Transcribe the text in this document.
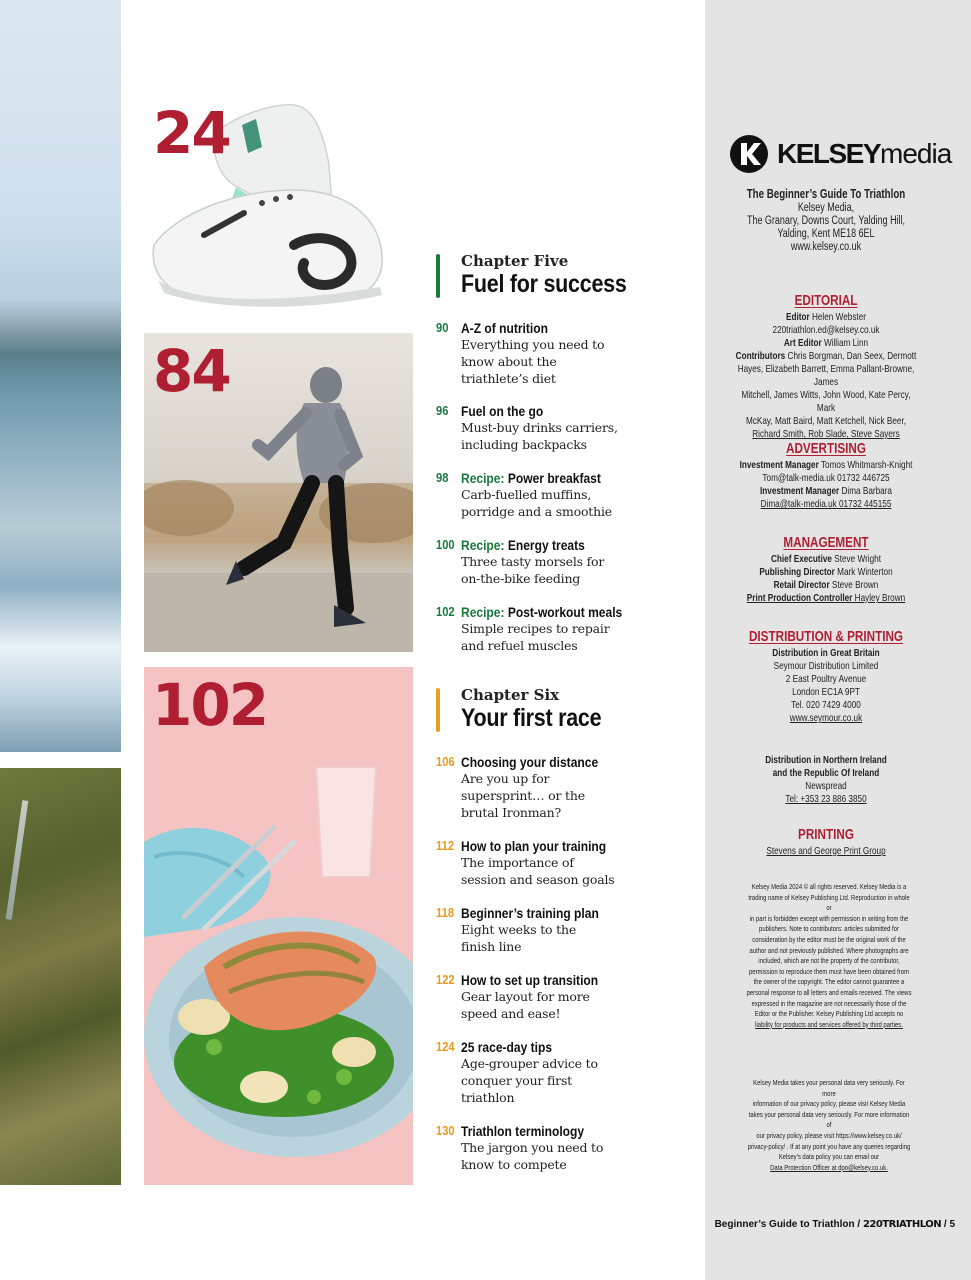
24
84
102
Chapter Five
Fuel for success
90 A-Z of nutrition
Everything you need to
know about the
triathlete’s diet
96 Fuel on the go
Must-buy drinks carriers,
including backpacks
98 Recipe: Power breakfast
Carb-fuelled muffins,
porridge and a smoothie
100 Recipe: Energy treats
Three tasty morsels for
on-the-bike feeding
102 Recipe: Post-workout meals
Simple recipes to repair
and refuel muscles
Chapter Six
Your first race
106 Choosing your distance
Are you up for
supersprint… or the
brutal Ironman?
112 How to plan your training
The importance of
session and season goals
118 Beginner’s training plan
Eight weeks to the
finish line
122 How to set up transition
Gear layout for more
speed and ease!
124 25 race-day tips
Age-grouper advice to
conquer your first
triathlon
130 Triathlon terminology
The jargon you need to
know to compete
KELSEYmedia
The Beginner’s Guide To Triathlon
Kelsey Media,
The Granary, Downs Court, Yalding Hill,
Yalding, Kent ME18 6EL
www.kelsey.co.uk
EDITORIAL
Editor Helen Webster
220triathlon.ed@kelsey.co.uk
Art Editor William Linn
Contributors Chris Borgman, Dan Seex, Dermott
Hayes, Elizabeth Barrett, Emma Pallant-Browne, James
Mitchell, James Witts, John Wood, Kate Percy, Mark
McKay, Matt Baird, Matt Ketchell, Nick Beer,
Richard Smith, Rob Slade, Steve Sayers
ADVERTISING
Investment Manager Tomos Whitmarsh-Knight
Tom@talk-media.uk 01732 446725
Investment Manager Dima Barbara
Dima@talk-media.uk 01732 445155
MANAGEMENT
Chief Executive Steve Wright
Publishing Director Mark Winterton
Retail Director Steve Brown
Print Production Controller Hayley Brown
DISTRIBUTION & PRINTING
Distribution in Great Britain
Seymour Distribution Limited
2 East Poultry Avenue
London EC1A 9PT
Tel. 020 7429 4000
www.seymour.co.uk
Distribution in Northern Ireland
and the Republic Of Ireland
Newspread
Tel: +353 23 886 3850
PRINTING
Stevens and George Print Group
Kelsey Media 2024 © all rights reserved. Kelsey Media is a
trading name of Kelsey Publishing Ltd. Reproduction in whole or
in part is forbidden except with permission in writing from the
publishers. Note to contributors: articles submitted for
consideration by the editor must be the original work of the
author and not previously published. Where photographs are
included, which are not the property of the contributor,
permission to reproduce them must have been obtained from
the owner of the copyright. The editor cannot guarantee a
personal response to all letters and emails received. The views
expressed in the magazine are not necessarily those of the
Editor or the Publisher. Kelsey Publishing Ltd accepts no
liability for products and services offered by third parties.
Kelsey Media takes your personal data very seriously. For more
information of our privacy policy, please visit Kelsey Media
takes your personal data very seriously. For more information of
our privacy policy, please visit https://www.kelsey.co.uk/
privacy-policy/ . If at any point you have any queries regarding
Kelsey’s data policy you can email our
Data Protection Officer at dpo@kelsey.co.uk.
Beginner’s Guide to Triathlon / 220TRIATHLON / 5
